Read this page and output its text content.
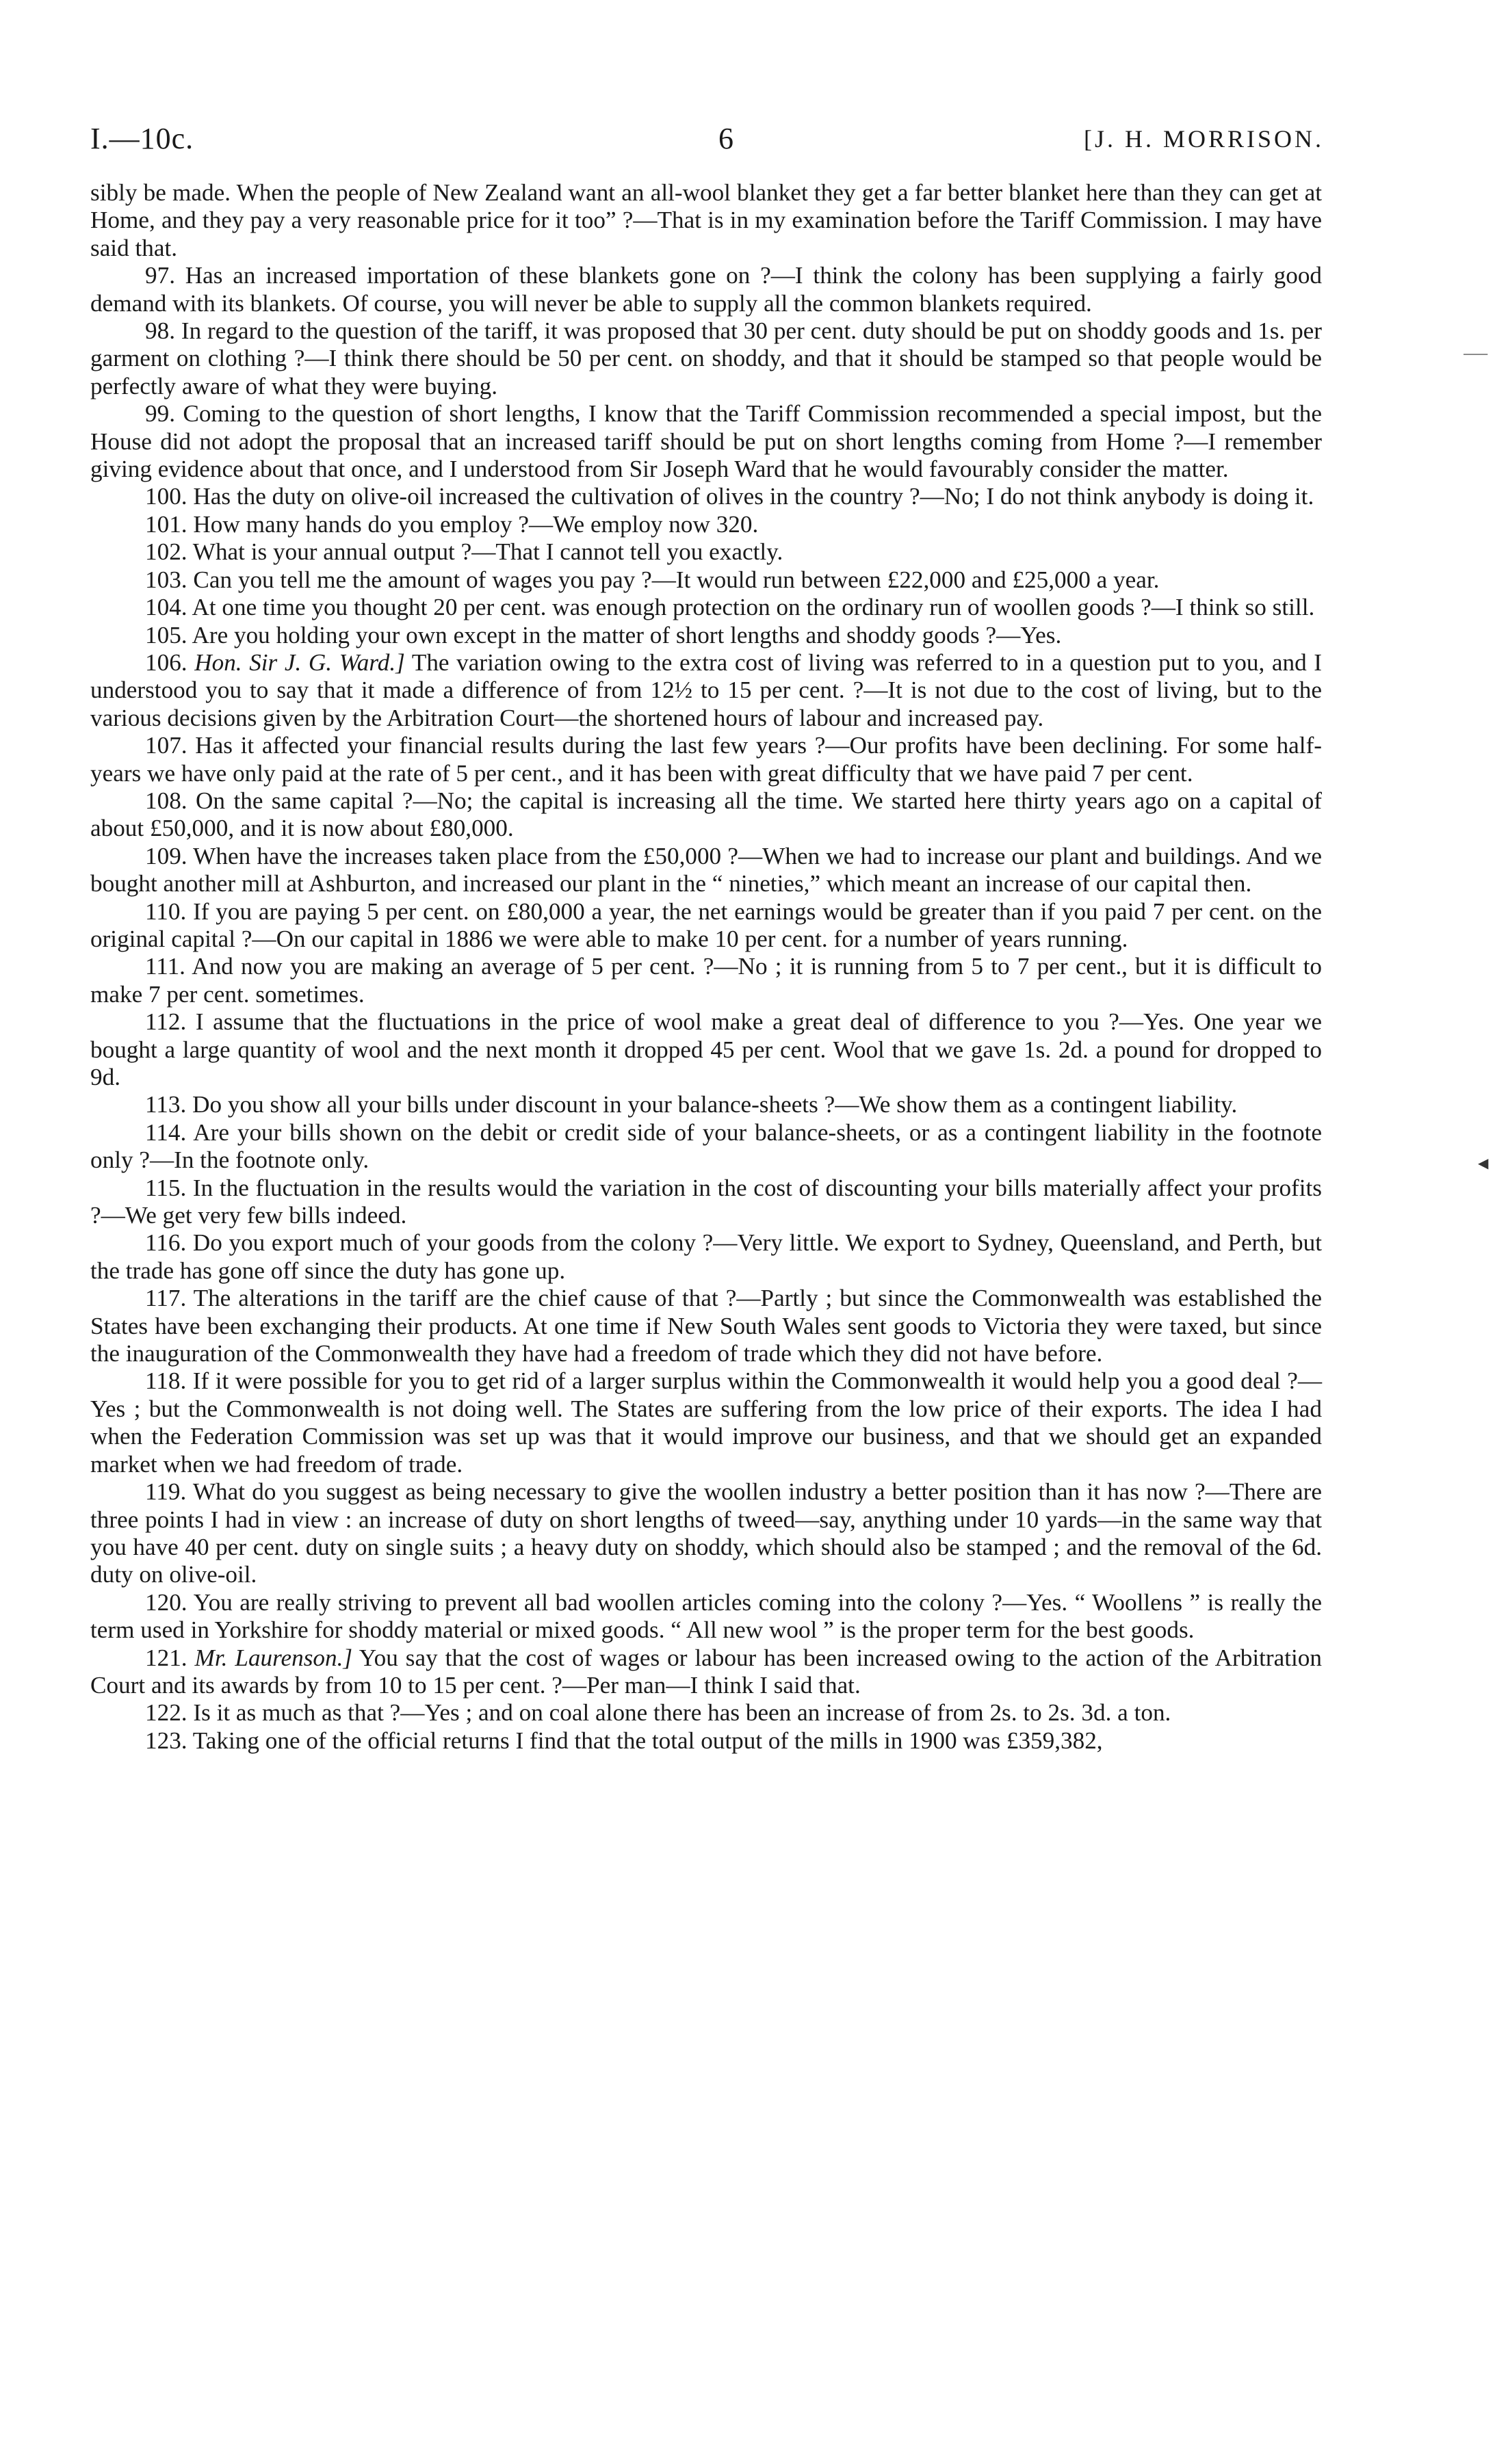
I.—10c.	6	[J. H. MORRISON.

sibly be made. When the people of New Zealand want an all-wool blanket they get a far better blanket here than they can get at Home, and they pay a very reasonable price for it too” ?—That is in my examination before the Tariff Commission. I may have said that.

97. Has an increased importation of these blankets gone on ?—I think the colony has been supplying a fairly good demand with its blankets. Of course, you will never be able to supply all the common blankets required.

98. In regard to the question of the tariff, it was proposed that 30 per cent. duty should be put on shoddy goods and 1s. per garment on clothing ?—I think there should be 50 per cent. on shoddy, and that it should be stamped so that people would be perfectly aware of what they were buying.

99. Coming to the question of short lengths, I know that the Tariff Commission recommended a special impost, but the House did not adopt the proposal that an increased tariff should be put on short lengths coming from Home ?—I remember giving evidence about that once, and I understood from Sir Joseph Ward that he would favourably consider the matter.

100. Has the duty on olive-oil increased the cultivation of olives in the country ?—No; I do not think anybody is doing it.

101. How many hands do you employ ?—We employ now 320.

102. What is your annual output ?—That I cannot tell you exactly.

103. Can you tell me the amount of wages you pay ?—It would run between £22,000 and £25,000 a year.

104. At one time you thought 20 per cent. was enough protection on the ordinary run of woollen goods ?—I think so still.

105. Are you holding your own except in the matter of short lengths and shoddy goods ?—Yes.

106. Hon. Sir J. G. Ward.] The variation owing to the extra cost of living was referred to in a question put to you, and I understood you to say that it made a difference of from 12½ to 15 per cent. ?—It is not due to the cost of living, but to the various decisions given by the Arbitration Court—the shortened hours of labour and increased pay.

107. Has it affected your financial results during the last few years ?—Our profits have been declining. For some half-years we have only paid at the rate of 5 per cent., and it has been with great difficulty that we have paid 7 per cent.

108. On the same capital ?—No; the capital is increasing all the time. We started here thirty years ago on a capital of about £50,000, and it is now about £80,000.

109. When have the increases taken place from the £50,000 ?—When we had to increase our plant and buildings. And we bought another mill at Ashburton, and increased our plant in the “ nineties,” which meant an increase of our capital then.

110. If you are paying 5 per cent. on £80,000 a year, the net earnings would be greater than if you paid 7 per cent. on the original capital ?—On our capital in 1886 we were able to make 10 per cent. for a number of years running.

111. And now you are making an average of 5 per cent. ?—No ; it is running from 5 to 7 per cent., but it is difficult to make 7 per cent. sometimes.

112. I assume that the fluctuations in the price of wool make a great deal of difference to you ?—Yes. One year we bought a large quantity of wool and the next month it dropped 45 per cent. Wool that we gave 1s. 2d. a pound for dropped to 9d.

113. Do you show all your bills under discount in your balance-sheets ?—We show them as a contingent liability.

114. Are your bills shown on the debit or credit side of your balance-sheets, or as a contingent liability in the footnote only ?—In the footnote only.

115. In the fluctuation in the results would the variation in the cost of discounting your bills materially affect your profits ?—We get very few bills indeed.

116. Do you export much of your goods from the colony ?—Very little. We export to Sydney, Queensland, and Perth, but the trade has gone off since the duty has gone up.

117. The alterations in the tariff are the chief cause of that ?—Partly ; but since the Commonwealth was established the States have been exchanging their products. At one time if New South Wales sent goods to Victoria they were taxed, but since the inauguration of the Commonwealth they have had a freedom of trade which they did not have before.

118. If it were possible for you to get rid of a larger surplus within the Commonwealth it would help you a good deal ?—Yes ; but the Commonwealth is not doing well. The States are suffering from the low price of their exports. The idea I had when the Federation Commission was set up was that it would improve our business, and that we should get an expanded market when we had freedom of trade.

119. What do you suggest as being necessary to give the woollen industry a better position than it has now ?—There are three points I had in view : an increase of duty on short lengths of tweed—say, anything under 10 yards—in the same way that you have 40 per cent. duty on single suits ; a heavy duty on shoddy, which should also be stamped ; and the removal of the 6d. duty on olive-oil.

120. You are really striving to prevent all bad woollen articles coming into the colony ?—Yes. “ Woollens ” is really the term used in Yorkshire for shoddy material or mixed goods. “ All new wool ” is the proper term for the best goods.

121. Mr. Laurenson.] You say that the cost of wages or labour has been increased owing to the action of the Arbitration Court and its awards by from 10 to 15 per cent. ?—Per man—I think I said that.

122. Is it as much as that ?—Yes ; and on coal alone there has been an increase of from 2s. to 2s. 3d. a ton.

123. Taking one of the official returns I find that the total output of the mills in 1900 was £359,382,

⸺
◀
